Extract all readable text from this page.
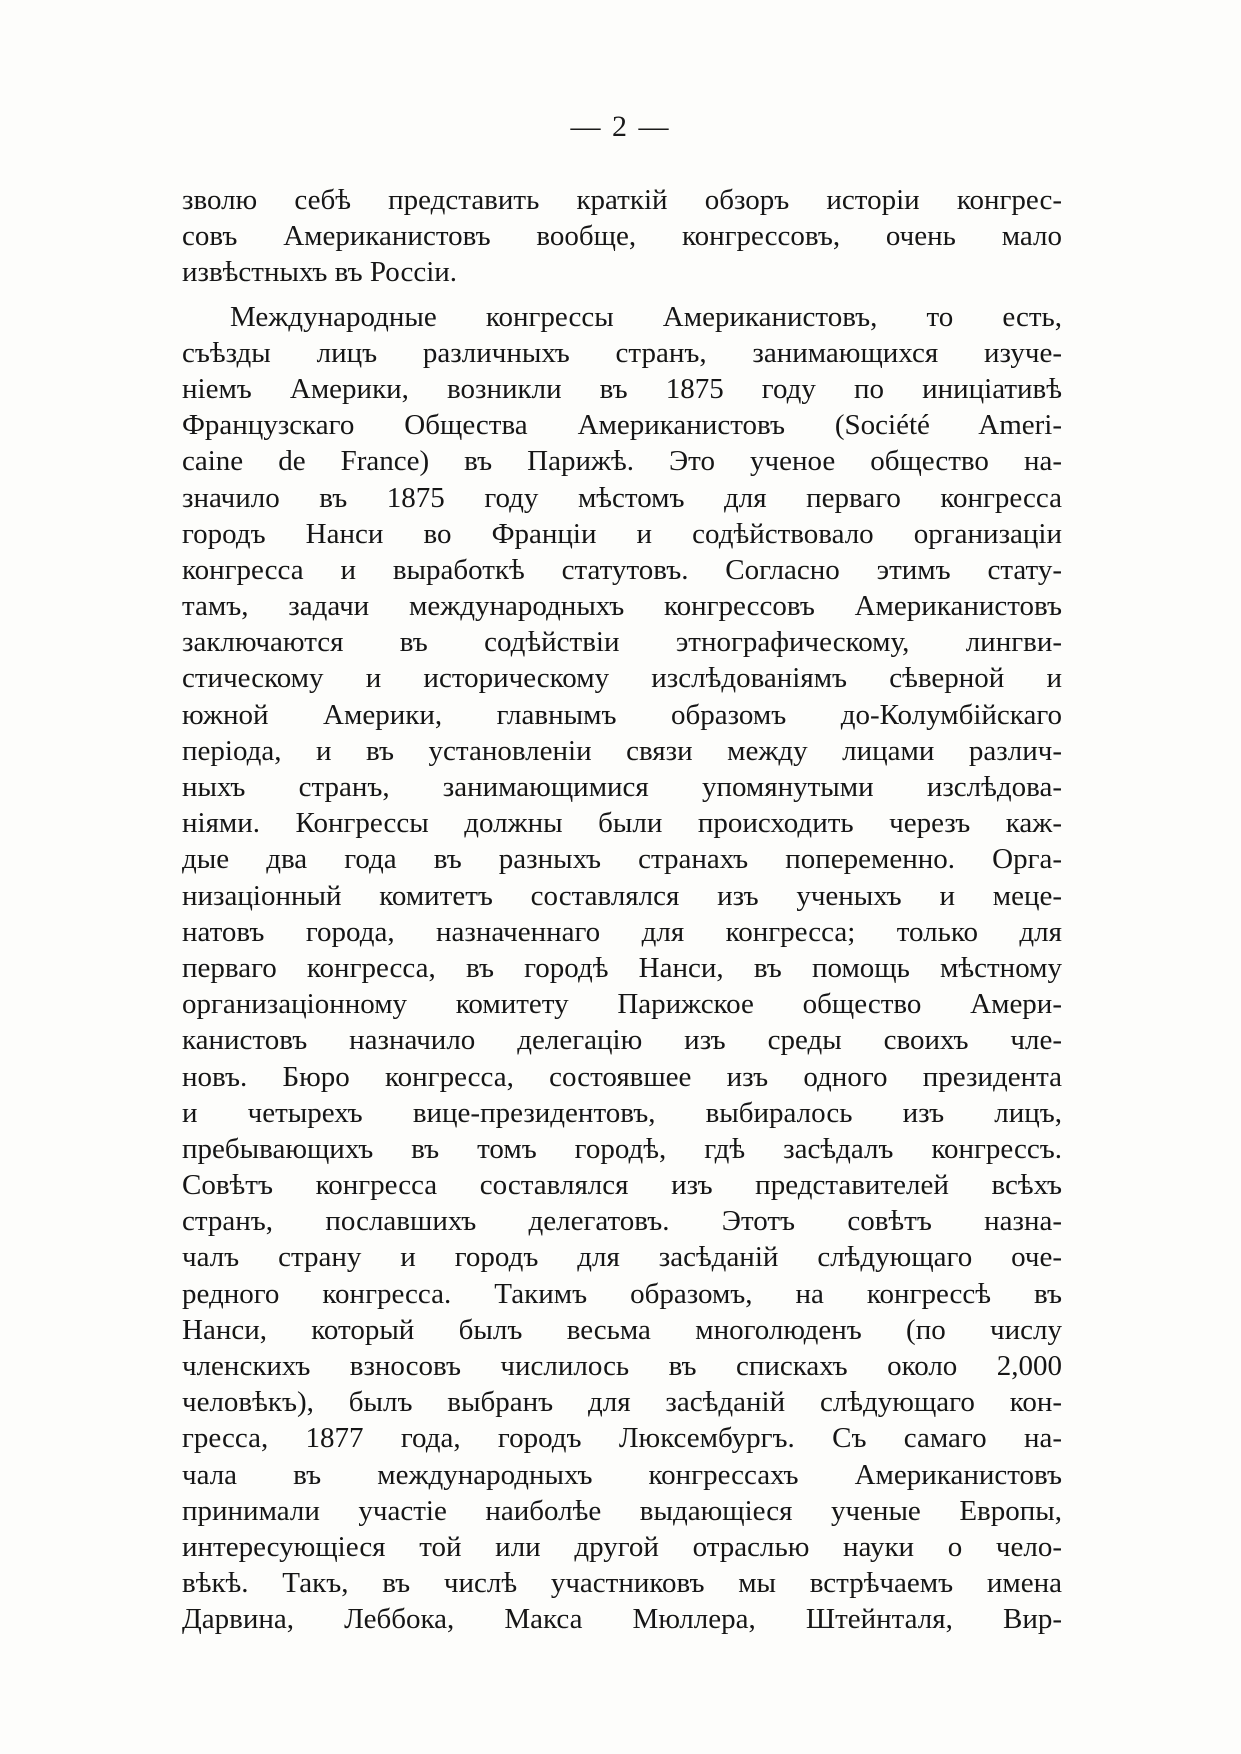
— 2 —
зволю себѣ представить краткій обзоръ исторіи конгрес-
совъ Американистовъ вообще, конгрессовъ, очень мало
извѣстныхъ въ Россіи.
Международные конгрессы Американистовъ, то есть,
съѣзды лицъ различныхъ странъ, занимающихся изуче-
ніемъ Америки, возникли въ 1875 году по иниціативѣ
Французскаго Общества Американистовъ (Société Ameri-
caine de France) въ Парижѣ. Это ученое общество на-
значило въ 1875 году мѣстомъ для перваго конгресса
городъ Нанси во Франціи и содѣйствовало организаціи
конгресса и выработкѣ статутовъ. Согласно этимъ стату-
тамъ, задачи международныхъ конгрессовъ Американистовъ
заключаются въ содѣйствіи этнографическому, лингви-
стическому и историческому изслѣдованіямъ сѣверной и
южной Америки, главнымъ образомъ до-Колумбійскаго
періода, и въ установленіи связи между лицами различ-
ныхъ странъ, занимающимися упомянутыми изслѣдова-
ніями. Конгрессы должны были происходить черезъ каж-
дые два года въ разныхъ странахъ попеременно. Орга-
низаціонный комитетъ составлялся изъ ученыхъ и меце-
натовъ города, назначеннаго для конгресса; только для
перваго конгресса, въ городѣ Нанси, въ помощь мѣстному
организаціонному комитету Парижское общество Амери-
канистовъ назначило делегацію изъ среды своихъ чле-
новъ. Бюро конгресса, состоявшее изъ одного президента
и четырехъ вице-президентовъ, выбиралось изъ лицъ,
пребывающихъ въ томъ городѣ, гдѣ засѣдалъ конгрессъ.
Совѣтъ конгресса составлялся изъ представителей всѣхъ
странъ, пославшихъ делегатовъ. Этотъ совѣтъ назна-
чалъ страну и городъ для засѣданій слѣдующаго оче-
редного конгресса. Такимъ образомъ, на конгрессѣ въ
Нанси, который былъ весьма многолюденъ (по числу
членскихъ взносовъ числилось въ спискахъ около 2,000
человѣкъ), былъ выбранъ для засѣданій слѣдующаго кон-
гресса, 1877 года, городъ Люксембургъ. Съ самаго на-
чала въ международныхъ конгрессахъ Американистовъ
принимали участіе наиболѣе выдающіеся ученые Европы,
интересующіеся той или другой отраслью науки о чело-
вѣкѣ. Такъ, въ числѣ участниковъ мы встрѣчаемъ имена
Дарвина, Леббока, Макса Мюллера, Штейнталя, Вир-
